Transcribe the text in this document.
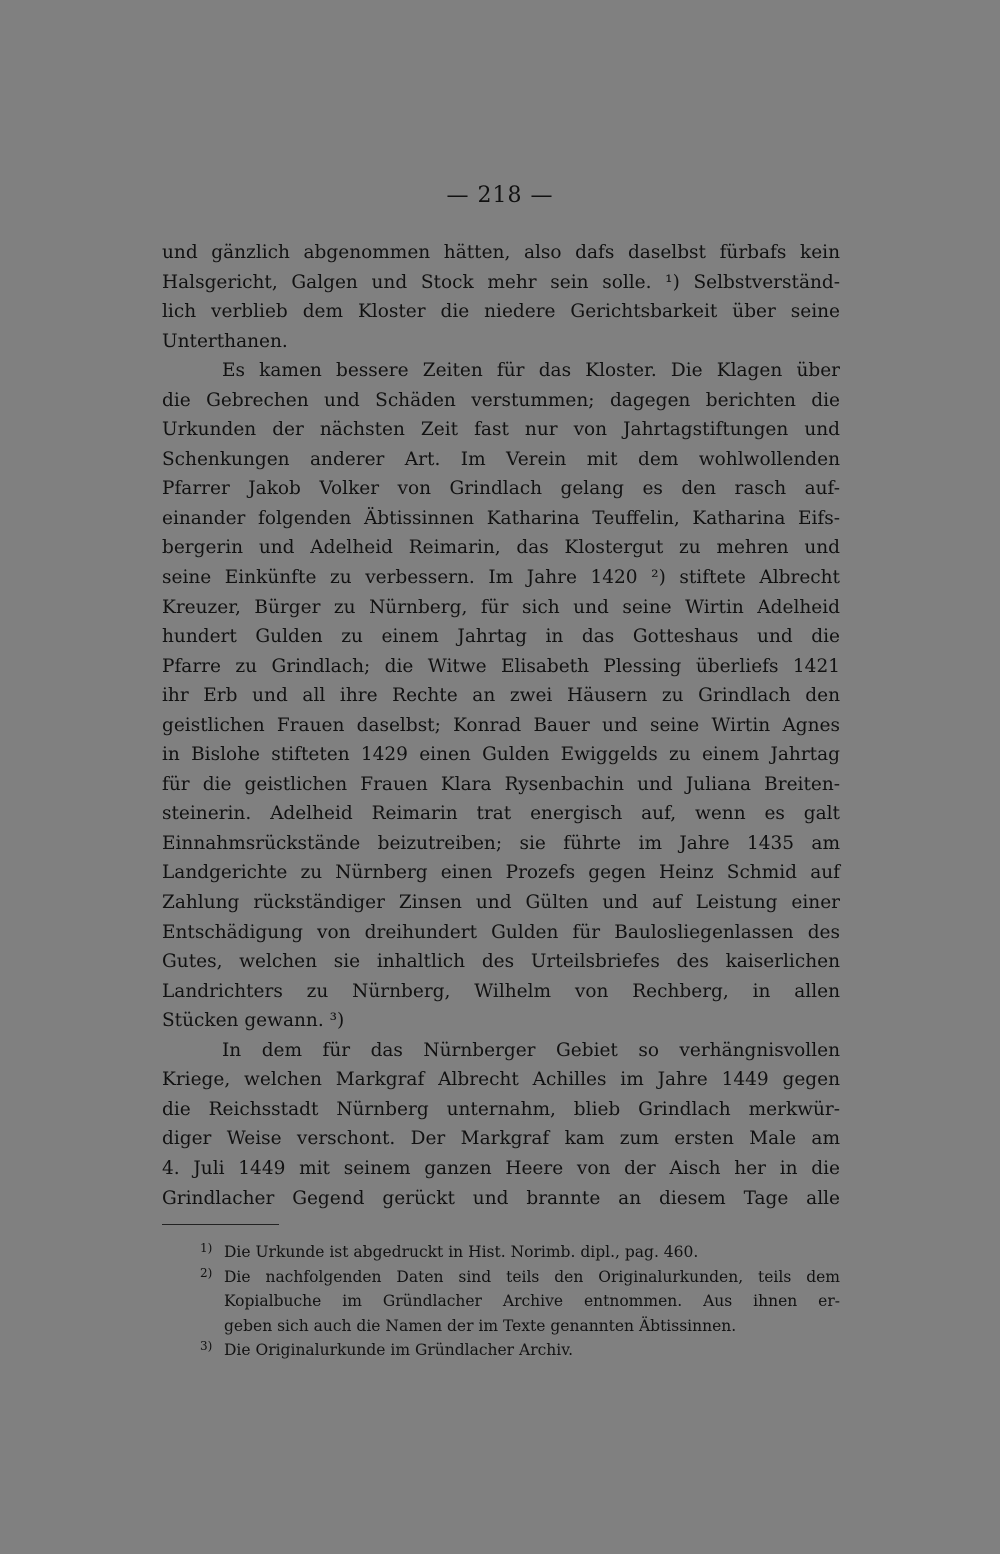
— 218 —

und gänzlich abgenommen hätten, also dafs daselbst fürbafs kein
Halsgericht, Galgen und Stock mehr sein solle. ¹) Selbstverständ-
lich verblieb dem Kloster die niedere Gerichtsbarkeit über seine
Unterthanen.
Es kamen bessere Zeiten für das Kloster. Die Klagen über
die Gebrechen und Schäden verstummen; dagegen berichten die
Urkunden der nächsten Zeit fast nur von Jahrtagstiftungen und
Schenkungen anderer Art. Im Verein mit dem wohlwollenden
Pfarrer Jakob Volker von Grindlach gelang es den rasch auf-
einander folgenden Äbtissinnen Katharina Teuffelin, Katharina Eifs-
bergerin und Adelheid Reimarin, das Klostergut zu mehren und
seine Einkünfte zu verbessern. Im Jahre 1420 ²) stiftete Albrecht
Kreuzer, Bürger zu Nürnberg, für sich und seine Wirtin Adelheid
hundert Gulden zu einem Jahrtag in das Gotteshaus und die
Pfarre zu Grindlach; die Witwe Elisabeth Plessing überliefs 1421
ihr Erb und all ihre Rechte an zwei Häusern zu Grindlach den
geistlichen Frauen daselbst; Konrad Bauer und seine Wirtin Agnes
in Bislohe stifteten 1429 einen Gulden Ewiggelds zu einem Jahrtag
für die geistlichen Frauen Klara Rysenbachin und Juliana Breiten-
steinerin. Adelheid Reimarin trat energisch auf, wenn es galt
Einnahmsrückstände beizutreiben; sie führte im Jahre 1435 am
Landgerichte zu Nürnberg einen Prozefs gegen Heinz Schmid auf
Zahlung rückständiger Zinsen und Gülten und auf Leistung einer
Entschädigung von dreihundert Gulden für Baulosliegenlassen des
Gutes, welchen sie inhaltlich des Urteilsbriefes des kaiserlichen
Landrichters zu Nürnberg, Wilhelm von Rechberg, in allen
Stücken gewann. ³)
In dem für das Nürnberger Gebiet so verhängnisvollen
Kriege, welchen Markgraf Albrecht Achilles im Jahre 1449 gegen
die Reichsstadt Nürnberg unternahm, blieb Grindlach merkwür-
diger Weise verschont. Der Markgraf kam zum ersten Male am
4. Juli 1449 mit seinem ganzen Heere von der Aisch her in die
Grindlacher Gegend gerückt und brannte an diesem Tage alle
1) Die Urkunde ist abgedruckt in Hist. Norimb. dipl., pag. 460.
2) Die nachfolgenden Daten sind teils den Originalurkunden, teils dem
Kopialbuche im Gründlacher Archive entnommen. Aus ihnen er-
geben sich auch die Namen der im Texte genannten Äbtissinnen.
3) Die Originalurkunde im Gründlacher Archiv.
